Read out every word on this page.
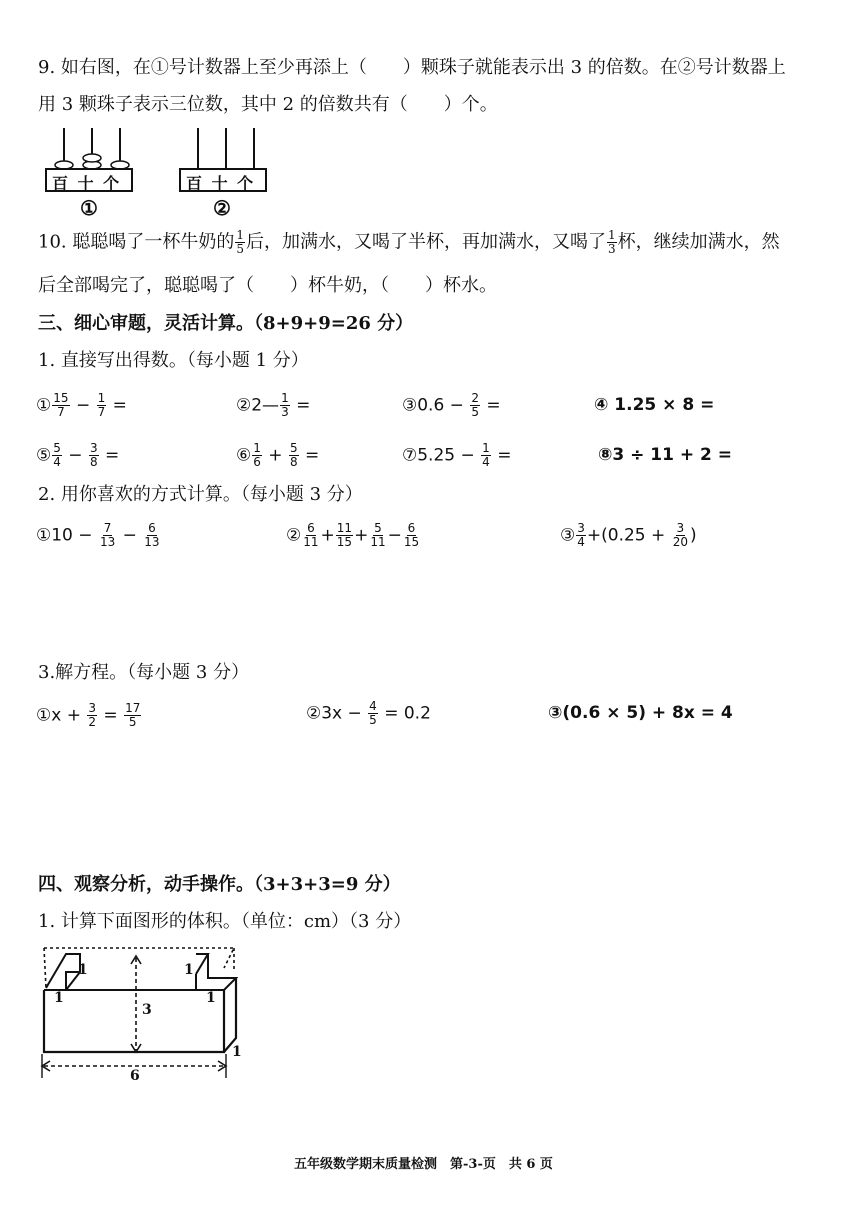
9. 如右图，在①号计数器上至少再添上（　　）颗珠子就能表示出 3 的倍数。在②号计数器上
用 3 颗珠子表示三位数，其中 2 的倍数共有（　　）个。
百 十 个
①
百 十 个
②
10. 聪聪喝了一杯牛奶的 $\frac{1}{5}$ 后，加满水，又喝了半杯，再加满水，又喝了 $\frac{1}{3}$ 杯，继续加满水，然
后全部喝完了，聪聪喝了（　　）杯牛奶，（　　）杯水。
三、细心审题，灵活计算。（8+9+9=26 分）
1. 直接写出得数。（每小题 1 分）
① $\frac{15}{7} - \frac{1}{7}$ =	②2— $\frac{1}{3}$ =	③0.6 − $\frac{2}{5}$ =	④ 1.25 × 8 =
⑤ $\frac{5}{4} - \frac{3}{8}$ =	⑥ $\frac{1}{6} + \frac{5}{8}$ =	⑦5.25 − $\frac{1}{4}$ =	⑧3 ÷ 11 + 2 =
2. 用你喜欢的方式计算。（每小题 3 分）
①10 − $\frac{7}{13} - \frac{6}{13}$	② $\frac{6}{11} + \frac{11}{15} + \frac{5}{11} - \frac{6}{15}$	③ $\frac{3}{4} +(0.25 + \frac{3}{20}$ )
3.解方程。（每小题 3 分）
①x + $\frac{3}{2} = \frac{17}{5}$	②3x − $\frac{4}{5} = 0.2$	③(0.6 × 5) + 8x = 4
四、观察分析，动手操作。（3+3+3=9 分）
1. 计算下面图形的体积。（单位：cm）（3 分）
1	1
1	1
3
1
6
五年级数学期末质量检测　第-3-页　共 6 页
